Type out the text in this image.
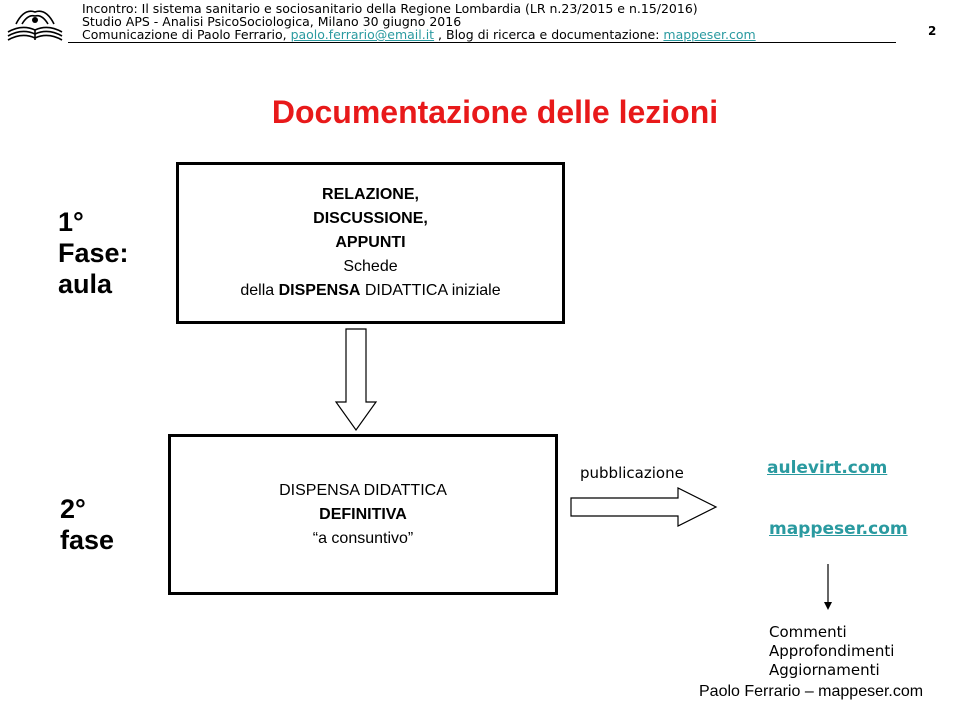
Incontro: Il sistema sanitario e sociosanitario della Regione Lombardia (LR n.23/2015 e n.15/2016)
Studio APS - Analisi PsicoSociologica, Milano 30 giugno 2016
Comunicazione di Paolo Ferrario, paolo.ferrario@email.it , Blog di ricerca e documentazione: mappeser.com	2
Documentazione delle lezioni
1°
Fase:
aula
2°
fase
RELAZIONE,
DISCUSSIONE,
APPUNTI
Schede
della DISPENSA DIDATTICA iniziale
DISPENSA DIDATTICA
DEFINITIVA
“a consuntivo”
pubblicazione	aulevirt.com
mappeser.com
Commenti
Approfondimenti
Aggiornamenti
Paolo Ferrario – mappeser.com
